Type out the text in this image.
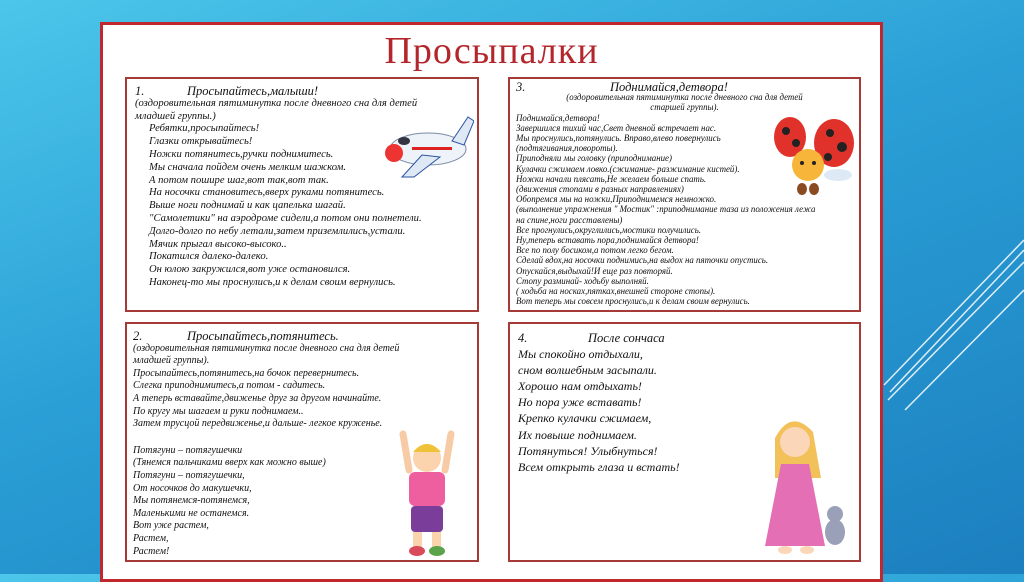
Просыпалки
1.	Просыпайтесь,малыши!
(оздоровительная пятиминутка после дневного сна для детей
младшей группы.)
Ребятки,просыпайтесь!
Глазки открывайтесь!
Ножки потянитесь,ручки поднимитесь.
Мы сначала пойдем очень мелким шажком.
А потом пошире шаг,вот так,вот так.
На носочки становитесь,вверх руками потянитесь.
Выше ноги поднимай и как цапелька шагай.
"Самолетики" на аэродроме сидели,а потом они полнетели.
Долго-долго по небу летали,затем приземлились,устали.
Мячик прыгал высоко-высоко..
Покатился далеко-далеко.
Он юлою закружился,вот уже остановился.
Наконец-то мы проснулись,и к делам своим вернулись.
3.	Поднимайся,детвора!
(оздоровительная пятиминутка после дневного сна для детей
старшей группы).
Поднимайся,детвора!
Завершился тихий час,Свет дневной встречает нас.
Мы проснулись,потянулись. Вправо,влево повернулись
(подтягивания,повороты).
Приподняли мы головку (приподнимание)
Кулачки сжимаем ловко.(сжимание- разжимание кистей).
Ножки начали плясать,Не желаем больше спать.
(движения стопами в разных направлениях)
Обопремся мы на ножки,Приподнимемся немножко.
(выполнение упражнения " Мостик" :приподнимание таза из положения лежа
на спине,ноги расставлены)
Все прогнулись,округлились,мостики получились.
Ну,теперь вставать пора,поднимайся детвора!
Все по полу босиком,а потом легко бегом.
Сделай вдох,на носочки поднимись,на выдох на пяточки опустись.
Опускайся,выдыхай!И еще раз повторяй.
Стопу разминай- ходьбу выполняй.
( ходьба на носках,пятках,внешней стороне стопы).
Вот теперь мы совсем проснулись,и к делам своим вернулись.
2.	Просыпайтесь,потянитесь.
(оздоровительная пятиминутка после дневного сна для детей
младшей группы).
Просыпайтесь,потянитесь,на бочок перевернитесь.
Слегка приподнимитесь,а потом - садитесь.
А теперь вставайте,движенье друг за другом начинайте.
По кругу мы шагаем и руки поднимаем..
Затем трусцой передвиженье,и дальше- легкое круженье.
Потягуни – потягушечки
(Тянемся пальчиками вверх как можно выше)
Потягуни – потягушечки,
От носочков до макушечки,
Мы потянемся-потянемся,
Маленькими не останемся.
Вот уже растем,
Растем,
Растем!
4.	После сончаса
Мы спокойно отдыхали,
сном волшебным засыпали.
Хорошо нам отдыхать!
Но пора уже вставать!
Крепко кулачки сжимаем,
Их повыше поднимаем.
Потянуться! Улыбнуться!
Всем открыть глаза и встать!
